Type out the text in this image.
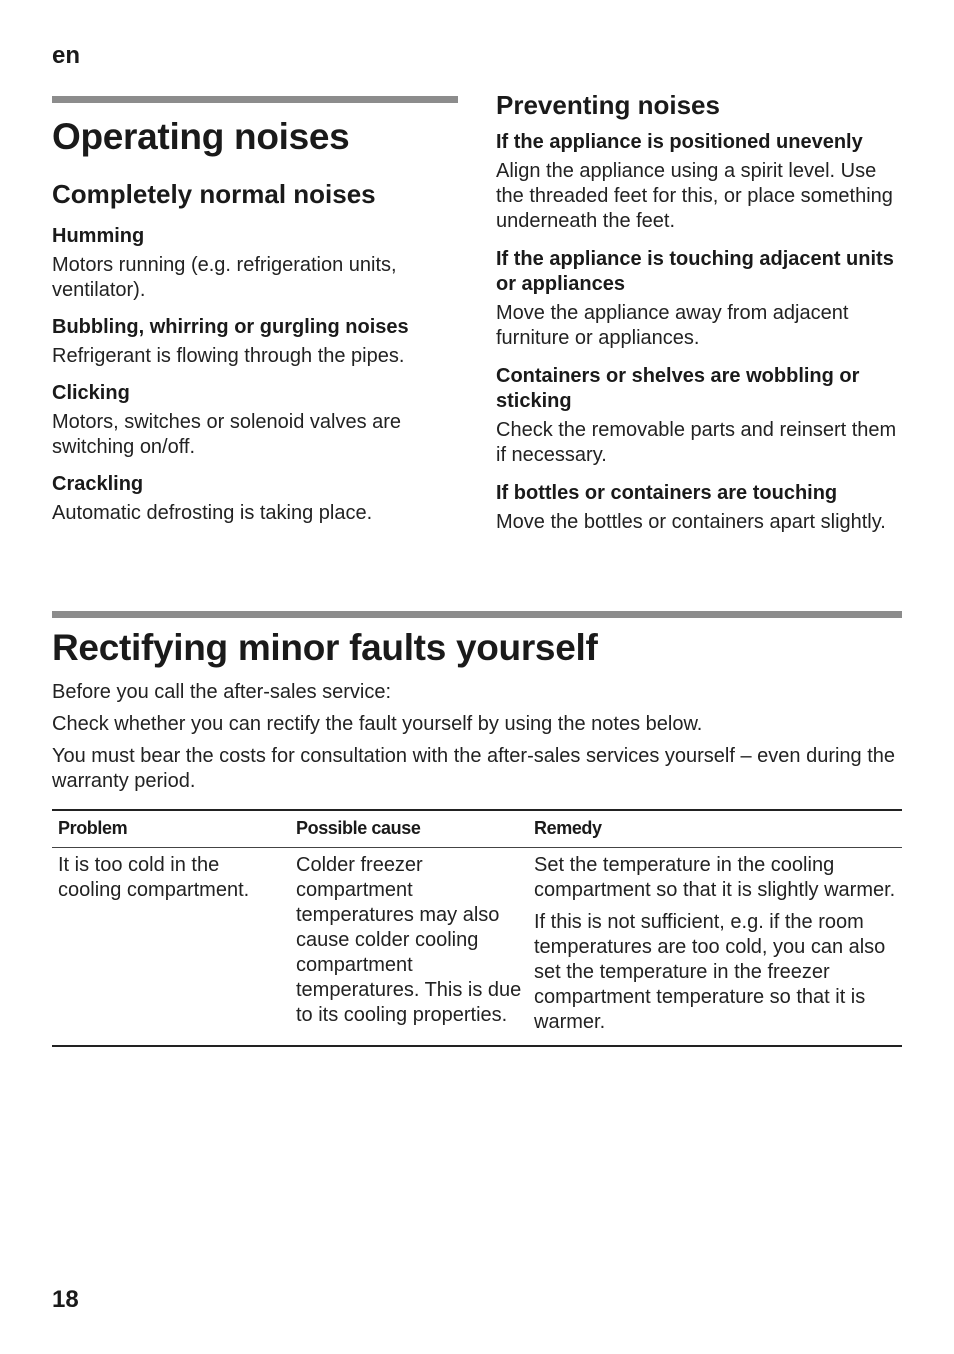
en
Operating noises
Completely normal noises

Humming

Motors running (e.g. refrigeration units, ventilator).

Bubbling, whirring or gurgling noises

Refrigerant is flowing through the pipes.

Clicking

Motors, switches or solenoid valves are switching on/off.

Crackling

Automatic defrosting is taking place.

Preventing noises

If the appliance is positioned unevenly

Align the appliance using a spirit level. Use the threaded feet for this, or place something underneath the feet.

If the appliance is touching adjacent units or appliances

Move the appliance away from adjacent furniture or appliances.

Containers or shelves are wobbling or sticking

Check the removable parts and reinsert them if necessary.

If bottles or containers are touching

Move the bottles or containers apart slightly.

Rectifying minor faults yourself

Before you call the after-sales service:

Check whether you can rectify the fault yourself by using the notes below.

You must bear the costs for consultation with the after-sales services yourself – even during the warranty period.

Problem	Possible cause	Remedy
It is too cold in the cooling compartment.	Colder freezer compartment temperatures may also cause colder cooling compartment temperatures. This is due to its cooling properties.	Set the temperature in the cooling compartment so that it is slightly warmer.

If this is not sufficient, e.g. if the room temperatures are too cold, you can also set the temperature in the freezer compartment temperature so that it is warmer.

18
